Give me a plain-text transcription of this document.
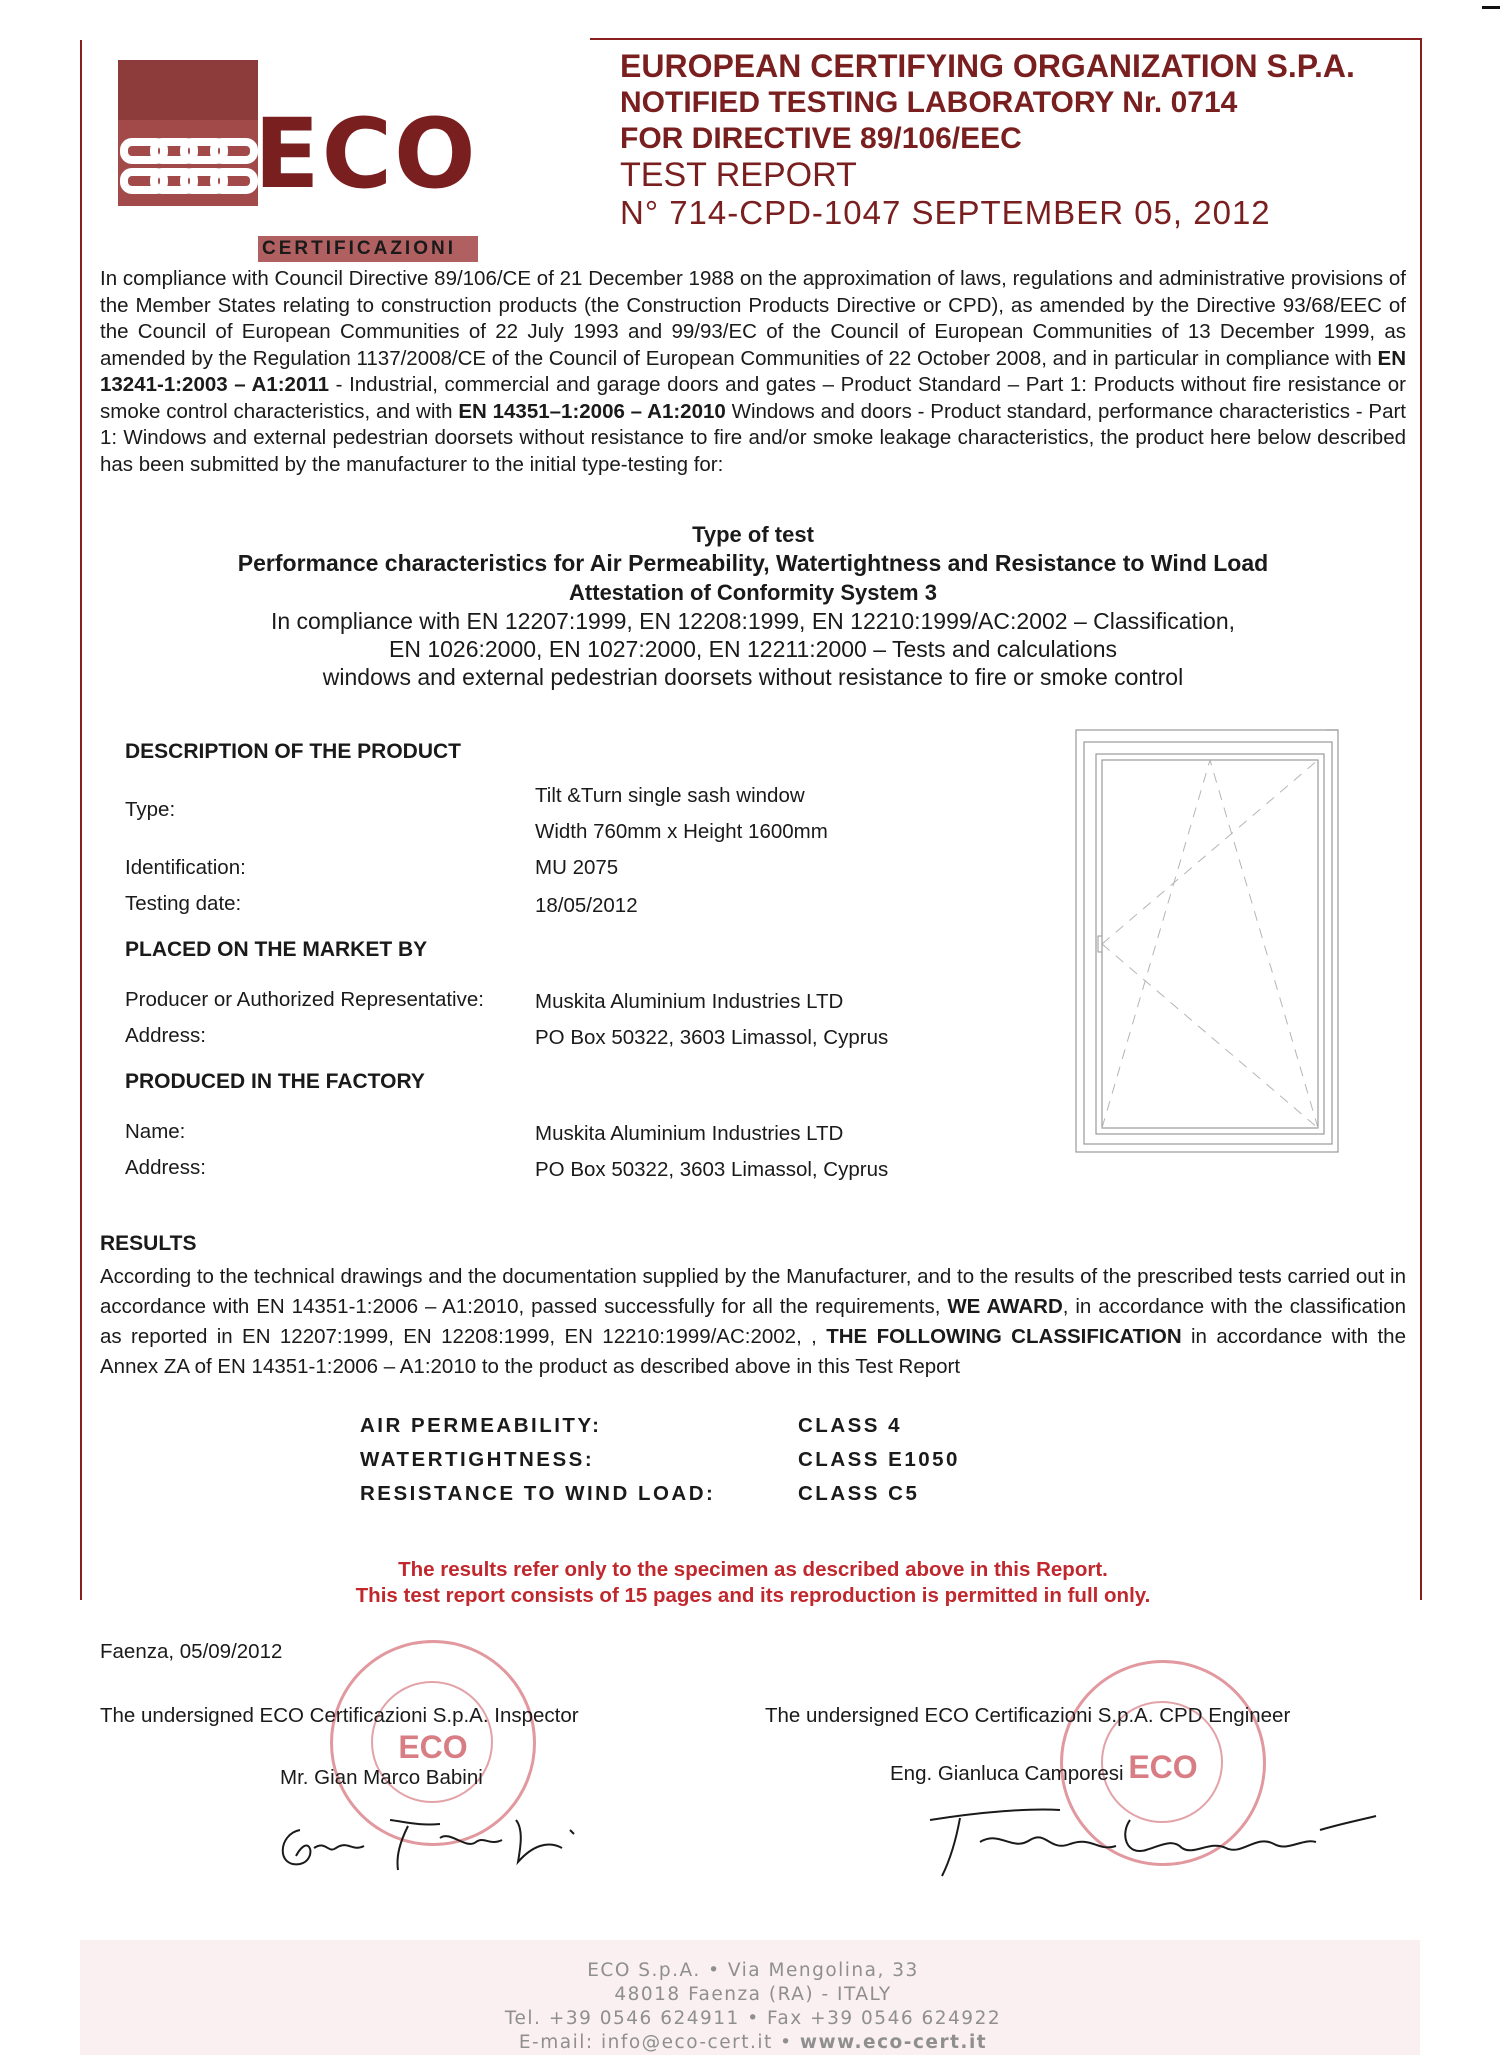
ECO
CERTIFICAZIONI
EUROPEAN CERTIFYING ORGANIZATION S.P.A.
NOTIFIED TESTING LABORATORY Nr. 0714
FOR DIRECTIVE 89/106/EEC
TEST REPORT
N° 714-CPD-1047 SEPTEMBER 05, 2012
In compliance with Council Directive 89/106/CE of 21 December 1988 on the approximation of laws, regulations and administrative provisions of the Member States relating to construction products (the Construction Products Directive or CPD), as amended by the Directive 93/68/EEC of the Council of European Communities of 22 July 1993 and 99/93/EC of the Council of European Communities of 13 December 1999, as amended by the Regulation 1137/2008/CE of the Council of European Communities of 22 October 2008, and in particular in compliance with EN 13241-1:2003 – A1:2011 - Industrial, commercial and garage doors and gates – Product Standard – Part 1: Products without fire resistance or smoke control characteristics, and with EN 14351–1:2006 – A1:2010 Windows and doors - Product standard, performance characteristics - Part 1: Windows and external pedestrian doorsets without resistance to fire and/or smoke leakage characteristics, the product here below described has been submitted by the manufacturer to the initial type-testing for:
Type of test
Performance characteristics for Air Permeability, Watertightness and Resistance to Wind Load
Attestation of Conformity System 3
In compliance with EN 12207:1999, EN 12208:1999, EN 12210:1999/AC:2002 – Classification,
EN 1026:2000, EN 1027:2000, EN 12211:2000 – Tests and calculations
windows and external pedestrian doorsets without resistance to fire or smoke control
DESCRIPTION OF THE PRODUCT
Type:
Tilt &Turn single sash window
Width 760mm x Height 1600mm
Identification:	MU 2075
Testing date:	18/05/2012
PLACED ON THE MARKET BY
Producer or Authorized Representative: Muskita Aluminium Industries LTD
Address:	PO Box 50322, 3603 Limassol, Cyprus
PRODUCED IN THE FACTORY
Name:	Muskita Aluminium Industries LTD
Address:	PO Box 50322, 3603 Limassol, Cyprus
RESULTS
According to the technical drawings and the documentation supplied by the Manufacturer, and to the results of the prescribed tests carried out in accordance with EN 14351-1:2006 – A1:2010, passed successfully for all the requirements, WE AWARD, in accordance with the classification as reported in EN 12207:1999, EN 12208:1999, EN 12210:1999/AC:2002, , THE FOLLOWING CLASSIFICATION in accordance with the Annex ZA of EN 14351-1:2006 – A1:2010 to the product as described above in this Test Report
AIR PERMEABILITY:	CLASS 4
WATERTIGHTNESS:	CLASS E1050
RESISTANCE TO WIND LOAD:	CLASS C5
The results refer only to the specimen as described above in this Report.
This test report consists of 15 pages and its reproduction is permitted in full only.
ECO
ECO
Faenza, 05/09/2012
The undersigned ECO Certificazioni S.p.A. Inspector
Mr. Gian Marco Babini
The undersigned ECO Certificazioni S.p.A. CPD Engineer
Eng. Gianluca Camporesi
ECO S.p.A. • Via Mengolina, 33
48018 Faenza (RA) - ITALY
Tel. +39 0546 624911 • Fax +39 0546 624922
E-mail: info@eco-cert.it • www.eco-cert.it
